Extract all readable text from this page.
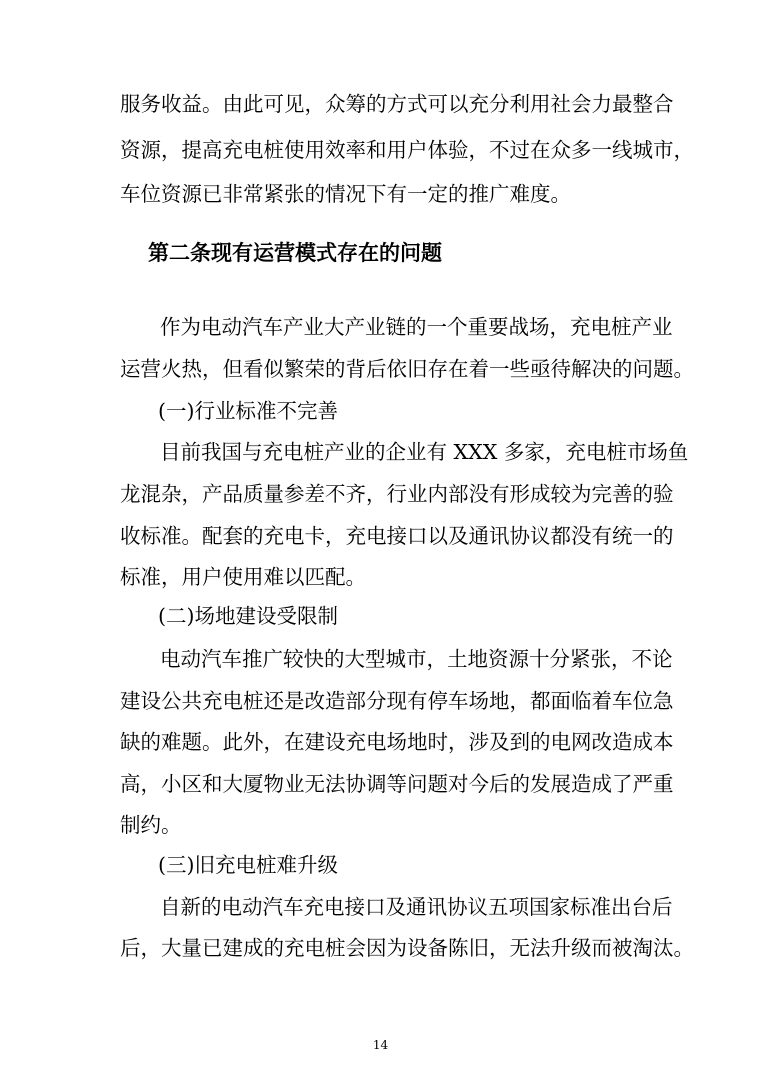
服务收益。由此可见，众筹的方式可以充分利用社会力最整合

资源，提高充电桩使用效率和用户体验，不过在众多一线城市，

车位资源已非常紧张的情况下有一定的推广难度。

第二条现有运营模式存在的问题

作为电动汽车产业大产业链的一个重要战场，充电桩产业

运营火热，但看似繁荣的背后依旧存在着一些亟待解决的问题。

(一)行业标准不完善

目前我国与充电桩产业的企业有 XXX 多家，充电桩市场鱼

龙混杂，产品质量参差不齐，行业内部没有形成较为完善的验

收标准。配套的充电卡，充电接口以及通讯协议都没有统一的

标准，用户使用难以匹配。

(二)场地建设受限制

电动汽车推广较快的大型城市，土地资源十分紧张，不论

建设公共充电桩还是改造部分现有停车场地，都面临着车位急

缺的难题。此外，在建设充电场地时，涉及到的电网改造成本

高，小区和大厦物业无法协调等问题对今后的发展造成了严重

制约。

(三)旧充电桩难升级

自新的电动汽车充电接口及通讯协议五项国家标准出台后

后，大量已建成的充电桩会因为设备陈旧，无法升级而被淘汰。

14
